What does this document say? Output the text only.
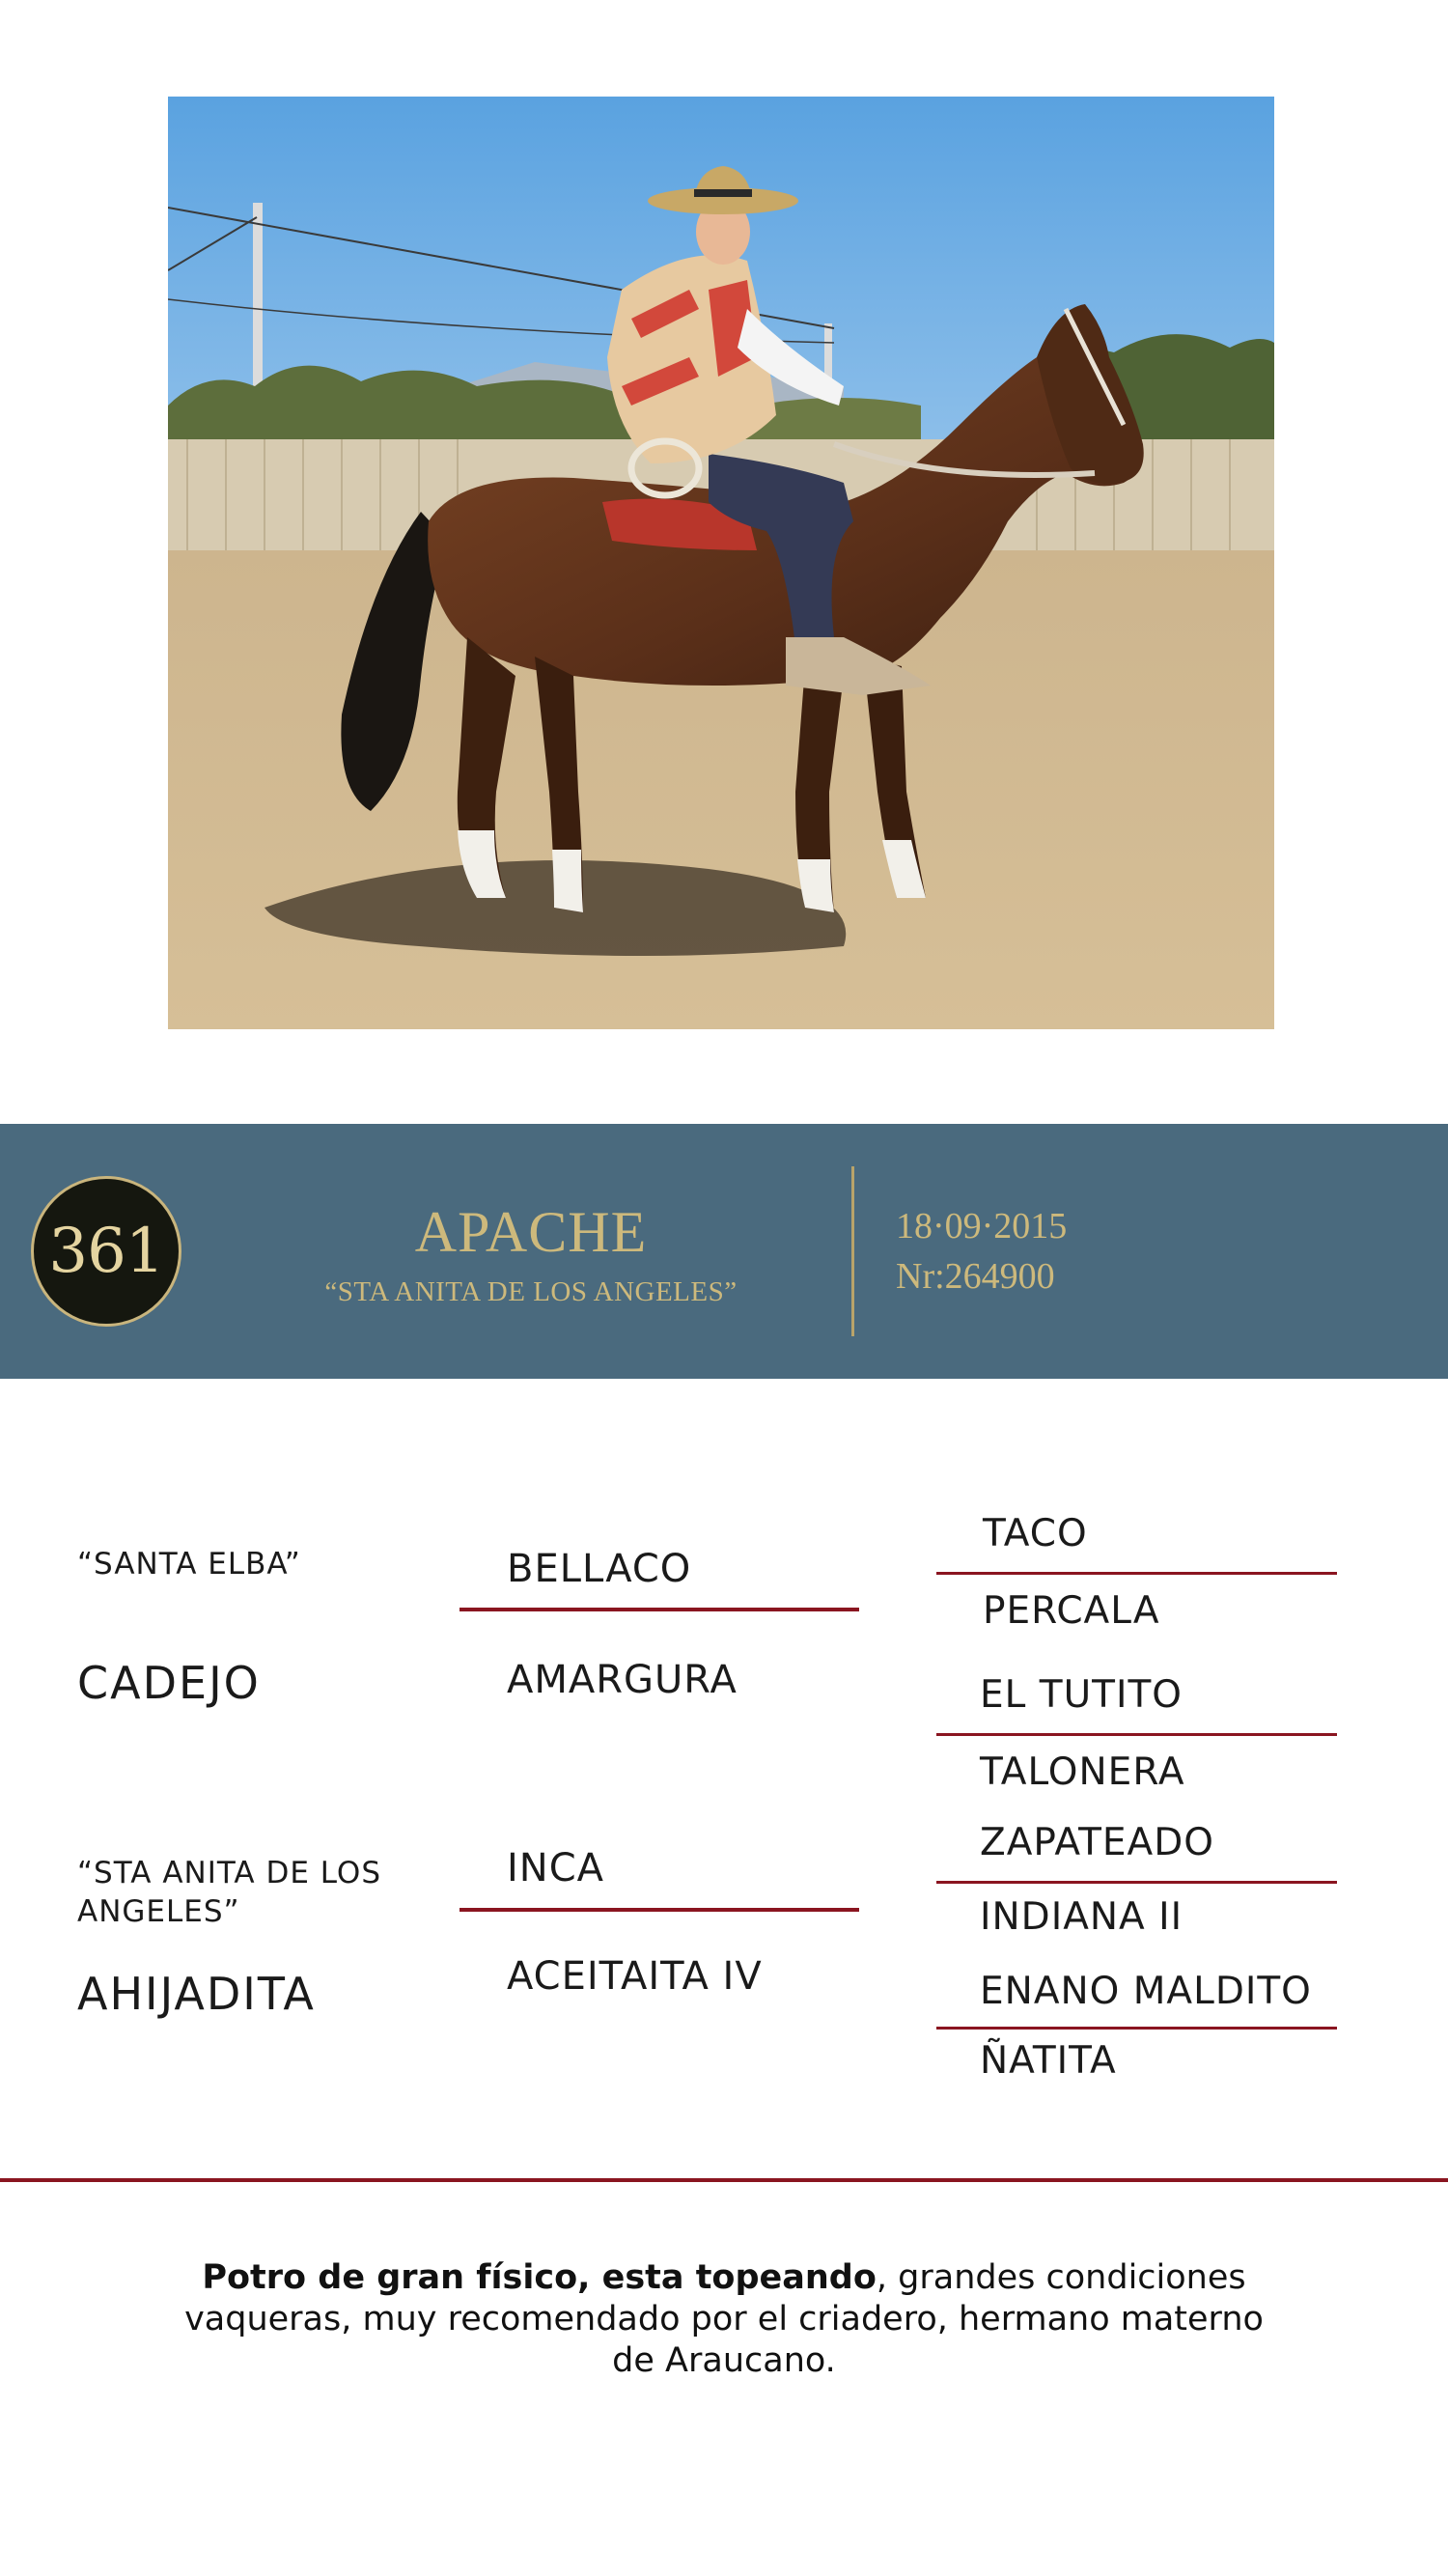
361	APACHE
“STA ANITA DE LOS ANGELES”
18·09·2015
Nr:264900
“SANTA ELBA”
CADEJO
BELLACO
AMARGURA
TACO
PERCALA
EL TUTITO
TALONERA
“STA ANITA DE LOS
ANGELES”
AHIJADITA
INCA
ACEITAITA IV
ZAPATEADO
INDIANA II
ENANO MALDITO
ÑATITA
Potro de gran físico, esta topeando, grandes condiciones vaqueras, muy recomendado por el criadero, hermano materno de Araucano.
